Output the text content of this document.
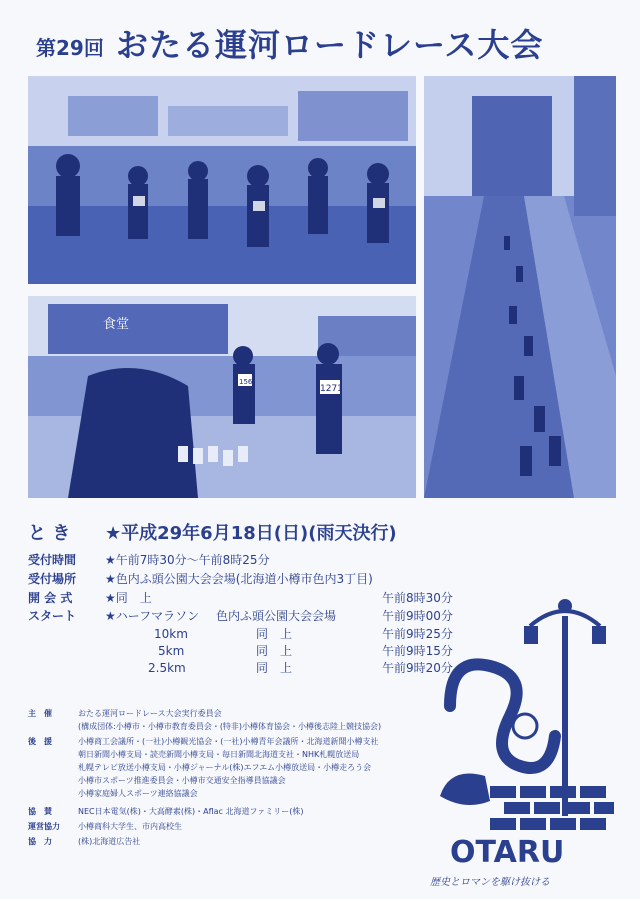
第29回 おたる運河ロードレース大会
食堂
1271
156
と き ★平成29年6月18日(日)(雨天決行)
受付時間 ★午前7時30分～午前8時25分
受付場所 ★色内ふ頭公園大会会場(北海道小樽市色内3丁目)
開 会 式	★同　上	午前8時30分
スタート ★ハーフマラソン 色内ふ頭公園大会会場	午前9時00分
10km	同　上	午前9時25分
5km	同　上	午前9時15分
2.5km	同　上	午前9時20分
主　催	おたる運河ロードレース大会実行委員会
(構成団体:小樽市・小樽市教育委員会・(特非)小樽体育協会・小樽後志陸上競技協会)
後　援	小樽商工会議所・(一社)小樽観光協会・(一社)小樽青年会議所・北海道新聞小樽支社
朝日新聞小樽支局・読売新聞小樽支局・毎日新聞北海道支社・NHK札幌放送局
札幌テレビ放送小樽支局・小樽ジャーナル(株)エフエム小樽放送局・小樽走ろう会
小樽市スポーツ推進委員会・小樽市交通安全指導員協議会
小樽家庭婦人スポーツ連絡協議会
協　賛	NEC日本電気(株)・大高酵素(株)・Aflac 北海道ファミリー(株)
運営協力	小樽商科大学生、市内高校生
協　力	(株)北海道広告社	OTARU
歴史とロマンを駆け抜ける
